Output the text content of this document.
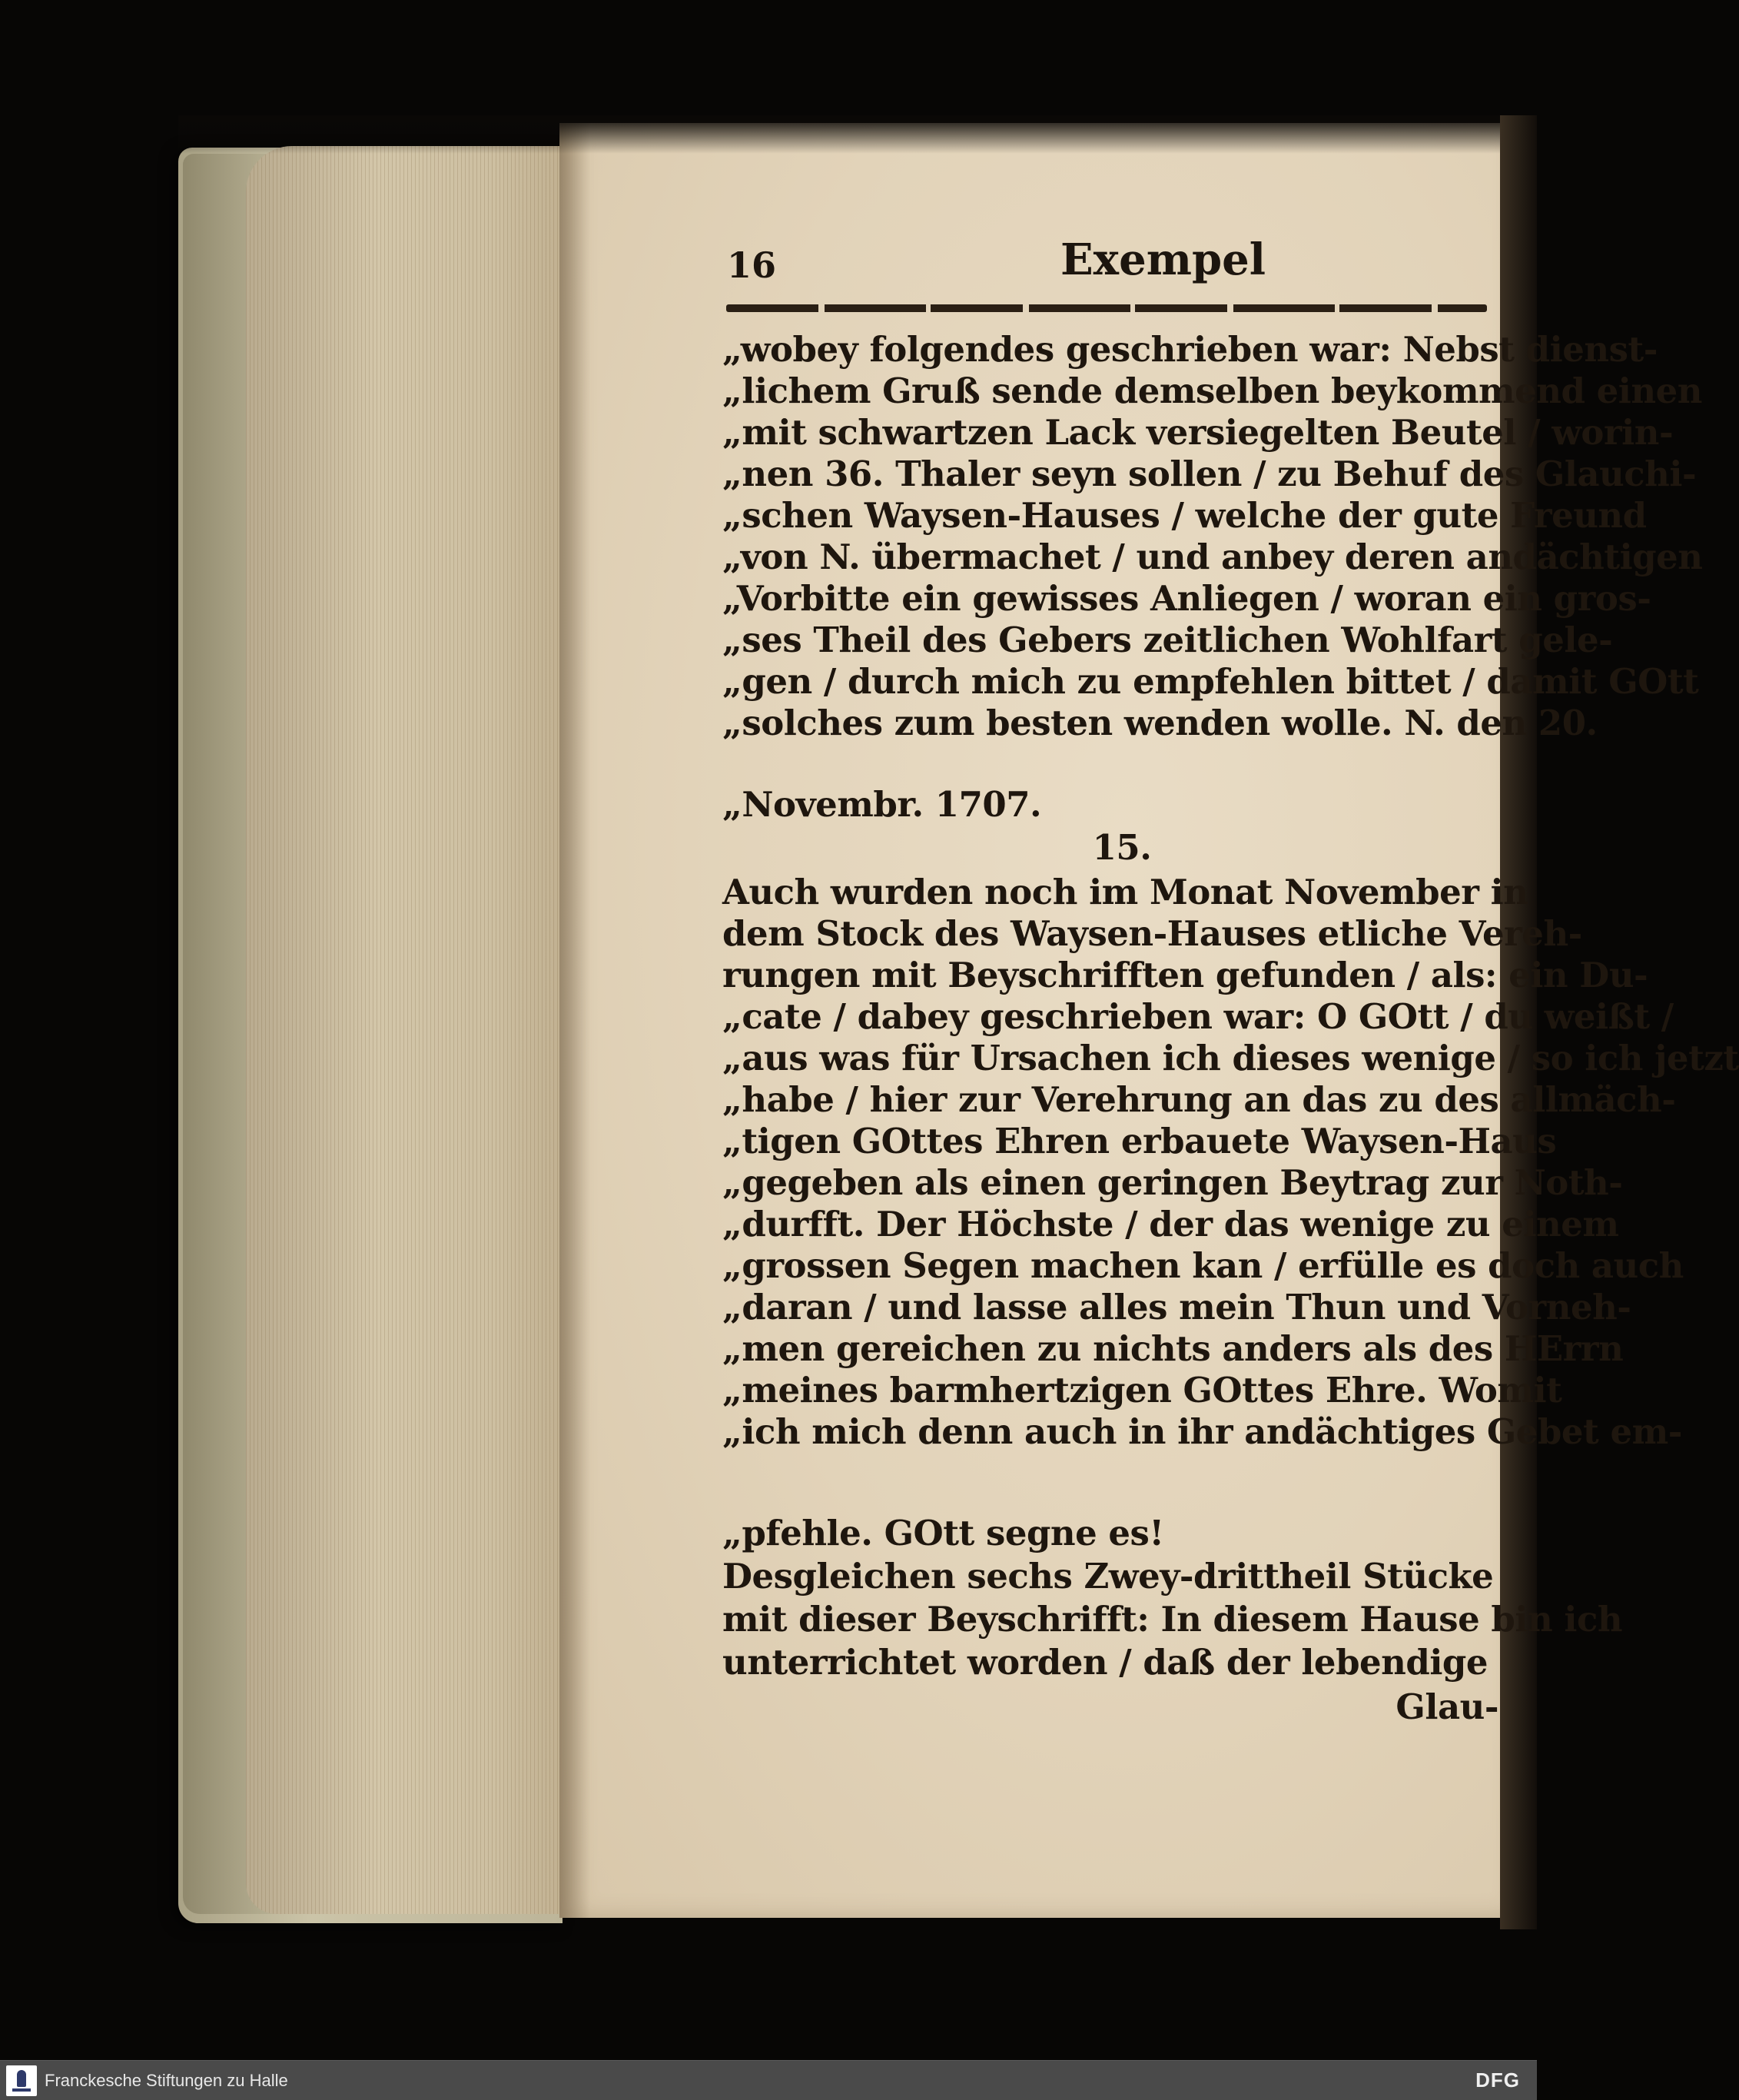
16	Exempel
„wobey folgendes geschrieben war: Nebst dienst-
„lichem Gruß sende demselben beykommend einen
„mit schwartzen Lack versiegelten Beutel / worin-
„nen 36. Thaler seyn sollen / zu Behuf des Glauchi-
„schen Waysen-Hauses / welche der gute Freund
„von N. übermachet / und anbey deren andächtigen
„Vorbitte ein gewisses Anliegen / woran ein gros-
„ses Theil des Gebers zeitlichen Wohlfart gele-
„gen / durch mich zu empfehlen bittet / damit GOtt
„solches zum besten wenden wolle. N. den 20.
„Novembr. 1707.
15.
Auch wurden noch im Monat November in
dem Stock des Waysen-Hauses etliche Vereh-
rungen mit Beyschrifften gefunden / als: ein Du-
„cate / dabey geschrieben war: O GOtt / du weißt /
„aus was für Ursachen ich dieses wenige / so ich jetzt
„habe / hier zur Verehrung an das zu des allmäch-
„tigen GOttes Ehren erbauete Waysen-Haus
„gegeben als einen geringen Beytrag zur Noth-
„durfft. Der Höchste / der das wenige zu einem
„grossen Segen machen kan / erfülle es doch auch
„daran / und lasse alles mein Thun und Vorneh-
„men gereichen zu nichts anders als des HErrn
„meines barmhertzigen GOttes Ehre. Womit
„ich mich denn auch in ihr andächtiges Gebet em-
„pfehle. GOtt segne es!
Desgleichen sechs Zwey-drittheil Stücke
mit dieser Beyschrifft: In diesem Hause bin ich
unterrichtet worden / daß der lebendige
Glau-
Franckesche Stiftungen zu Halle	DFG
